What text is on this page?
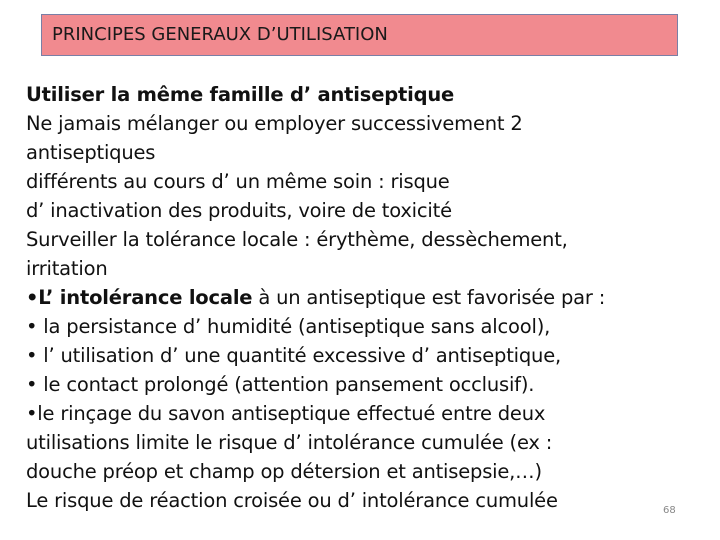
PRINCIPES GENERAUX D’UTILISATION
Utiliser la même famille d’ antiseptique
Ne jamais mélanger ou employer successivement 2
antiseptiques
différents au cours d’ un même soin : risque
d’ inactivation des produits, voire de toxicité
Surveiller la tolérance locale : érythème, dessèchement,
irritation
•L’ intolérance locale à un antiseptique est favorisée par :
• la persistance d’ humidité (antiseptique sans alcool),
• l’ utilisation d’ une quantité excessive d’ antiseptique,
• le contact prolongé (attention pansement occlusif).
•le rinçage du savon antiseptique effectué entre deux
utilisations limite le risque d’ intolérance cumulée (ex :
douche préop et champ op détersion et antisepsie,…)
Le risque de réaction croisée ou d’ intolérance cumulée	68
